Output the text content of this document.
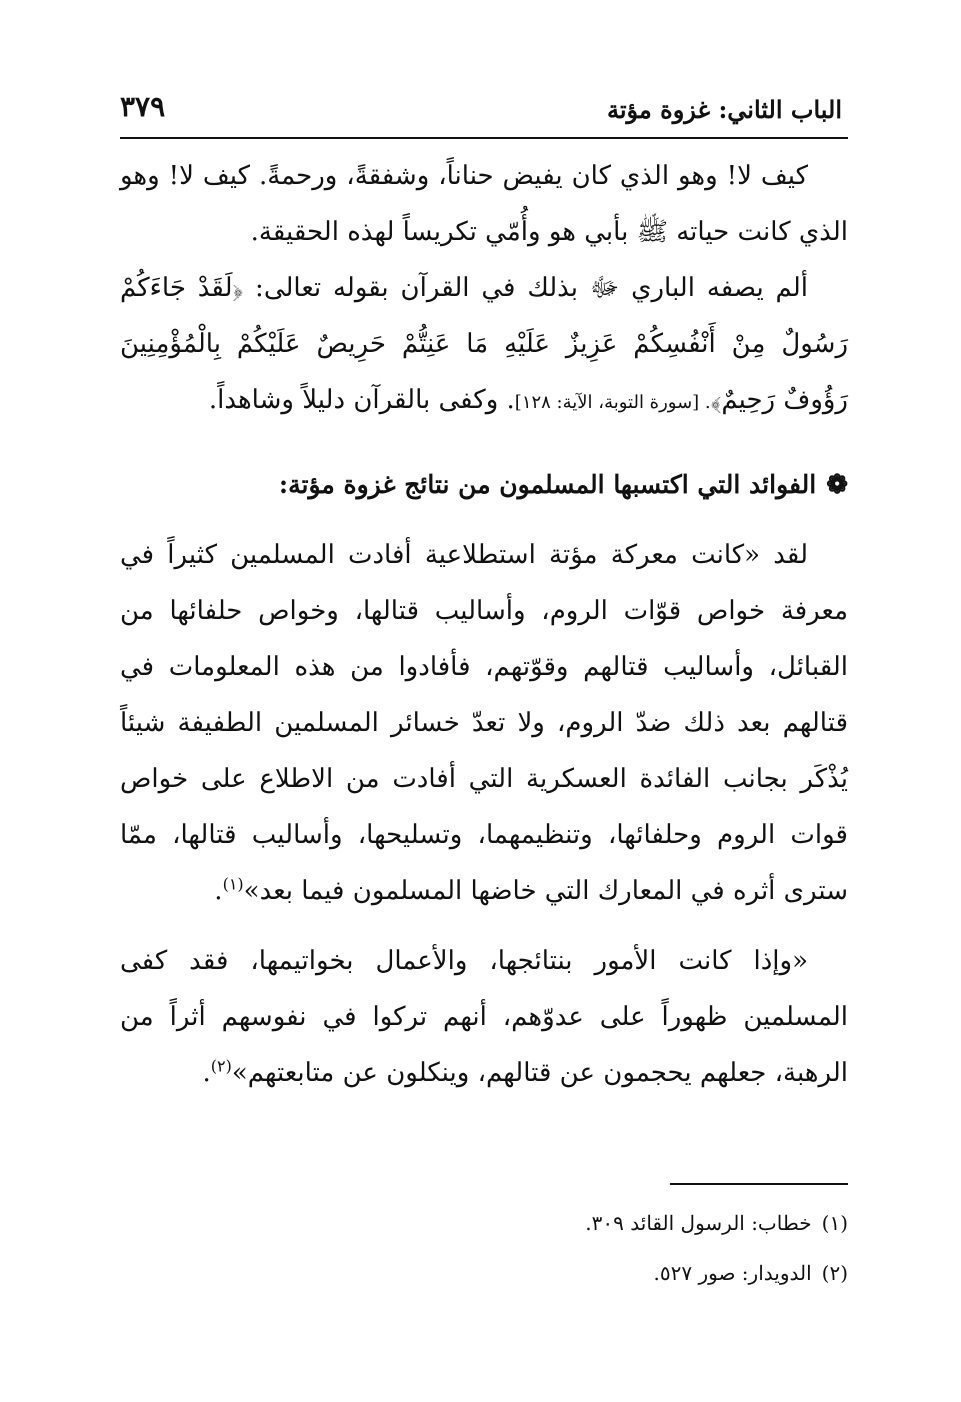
الباب الثاني: غزوة مؤتة
٣٧٩

كيف لا! وهو الذي كان يفيض حناناً، وشفقةً، ورحمةً. كيف لا! وهو الذي كانت حياته ﷺ بأبي هو وأُمّي تكريساً لهذه الحقيقة.

ألم يصفه الباري ﷻ بذلك في القرآن بقوله تعالى: ﴿لَقَدْ جَاءَكُمْ رَسُولٌ مِنْ أَنْفُسِكُمْ عَزِيزٌ عَلَيْهِ مَا عَنِتُّمْ حَرِيصٌ عَلَيْكُمْ بِالْمُؤْمِنِينَ رَؤُوفٌ رَحِيمٌ﴾. [سورة التوبة، الآية: ١٢٨]. وكفى بالقرآن دليلاً وشاهداً.

❁الفوائد التي اكتسبها المسلمون من نتائج غزوة مؤتة:

لقد «كانت معركة مؤتة استطلاعية أفادت المسلمين كثيراً في معرفة خواص قوّات الروم، وأساليب قتالها، وخواص حلفائها من القبائل، وأساليب قتالهم وقوّتهم، فأفادوا من هذه المعلومات في قتالهم بعد ذلك ضدّ الروم، ولا تعدّ خسائر المسلمين الطفيفة شيئاً يُذْكَر بجانب الفائدة العسكرية التي أفادت من الاطلاع على خواص قوات الروم وحلفائها، وتنظيمهما، وتسليحها، وأساليب قتالها، ممّا سترى أثره في المعارك التي خاضها المسلمون فيما بعد»$^{(١)}$.

«وإذا كانت الأمور بنتائجها، والأعمال بخواتيمها، فقد كفى المسلمين ظهوراً على عدوّهم، أنهم تركوا في نفوسهم أثراً من الرهبة، جعلهم يحجمون عن قتالهم، وينكلون عن متابعتهم»$^{(٢)}$.

(١)خطاب: الرسول القائد ٣٠٩.

(٢)الدويدار: صور ٥٢٧.
